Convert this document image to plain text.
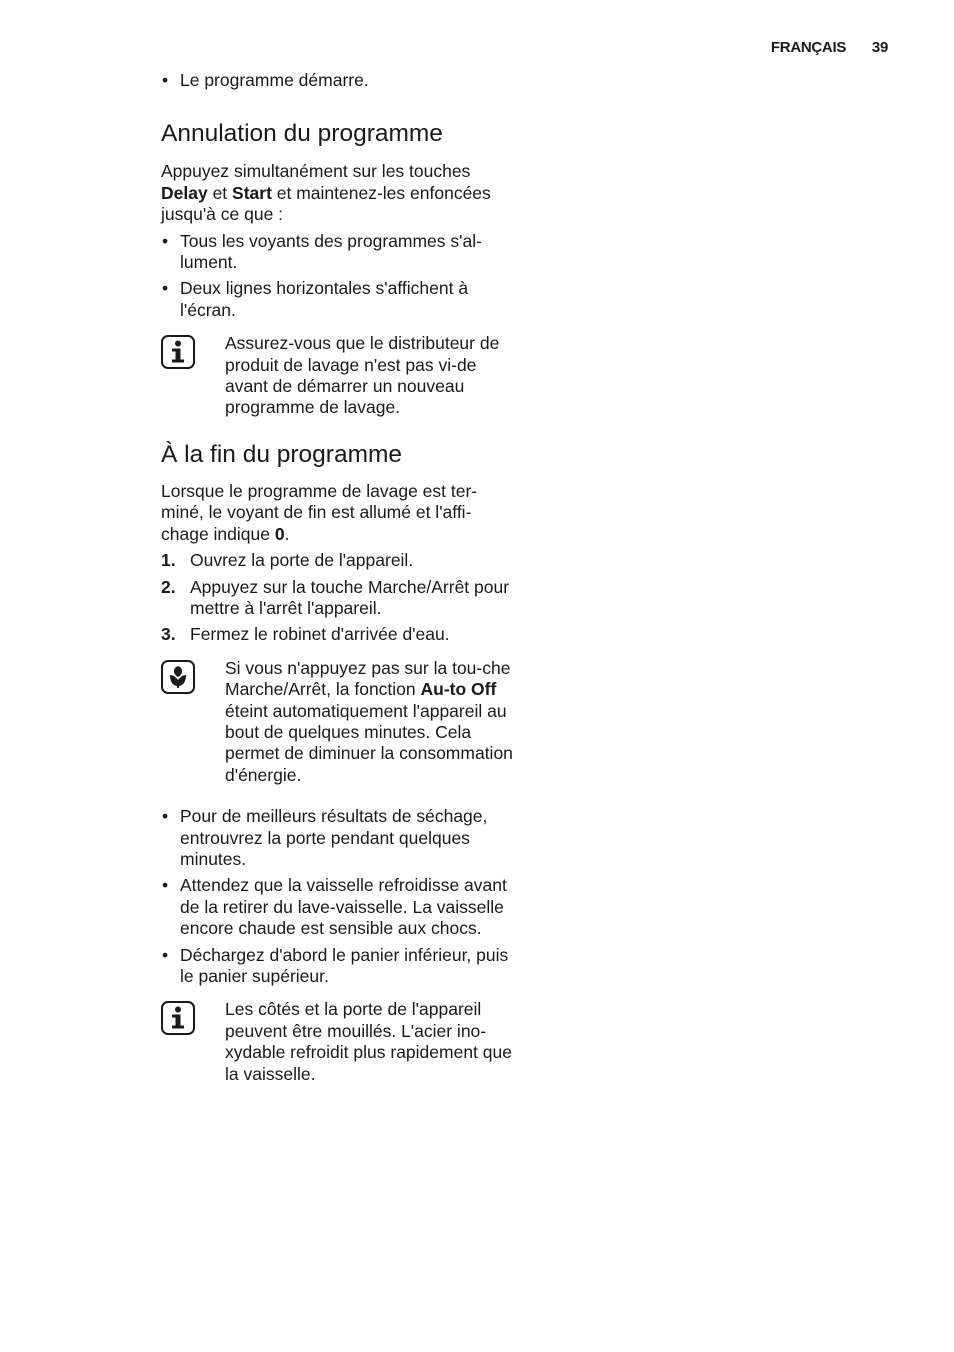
FRANÇAIS 39
• Le programme démarre.
Annulation du programme

Appuyez simultanément sur les touches Delay et Start et maintenez-les enfoncées jusqu'à ce que :

• Tous les voyants des programmes s'al-lument.
• Deux lignes horizontales s'affichent à l'écran.

Assurez-vous que le distributeur de produit de lavage n'est pas vi-de avant de démarrer un nouveau programme de lavage.

À la fin du programme

Lorsque le programme de lavage est ter-miné, le voyant de fin est allumé et l'affi-chage indique 0.

1. Ouvrez la porte de l'appareil.
2. Appuyez sur la touche Marche/Arrêt pour mettre à l'arrêt l'appareil.
3. Fermez le robinet d'arrivée d'eau.

Si vous n'appuyez pas sur la tou-che Marche/Arrêt, la fonction Au-to Off éteint automatiquement l'appareil au bout de quelques minutes. Cela permet de diminuer la consommation d'énergie.

• Pour de meilleurs résultats de séchage, entrouvrez la porte pendant quelques minutes.
• Attendez que la vaisselle refroidisse avant de la retirer du lave-vaisselle. La vaisselle encore chaude est sensible aux chocs.
• Déchargez d'abord le panier inférieur, puis le panier supérieur.

Les côtés et la porte de l'appareil peuvent être mouillés. L'acier ino-xydable refroidit plus rapidement que la vaisselle.
